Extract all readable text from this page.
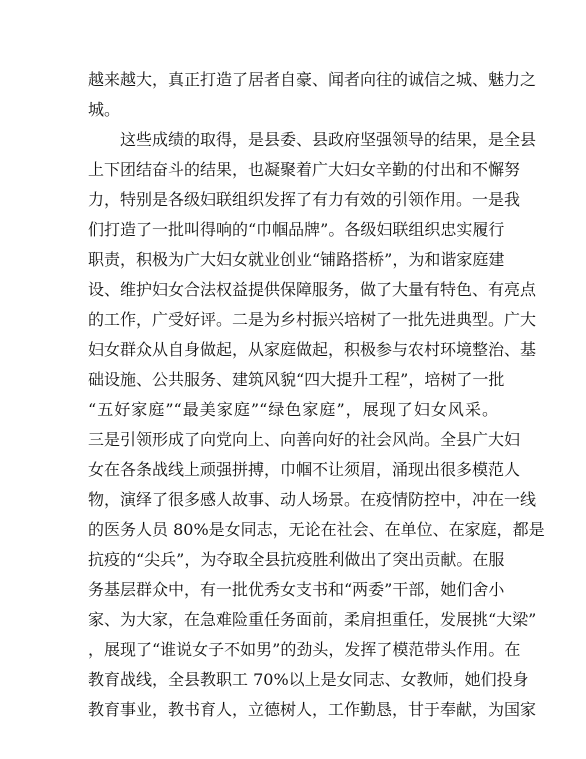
越来越大，真正打造了居者自豪、闻者向往的诚信之城、魅力之
城。
这些成绩的取得，是县委、县政府坚强领导的结果，是全县
上下团结奋斗的结果，也凝聚着广大妇女辛勤的付出和不懈努
力，特别是各级妇联组织发挥了有力有效的引领作用。一是我
们打造了一批叫得响的“巾帼品牌”。各级妇联组织忠实履行
职责，积极为广大妇女就业创业“铺路搭桥”，为和谐家庭建
设、维护妇女合法权益提供保障服务，做了大量有特色、有亮点
的工作，广受好评。二是为乡村振兴培树了一批先进典型。广大
妇女群众从自身做起，从家庭做起，积极参与农村环境整治、基
础设施、公共服务、建筑风貌“四大提升工程”，培树了一批
“五好家庭”“最美家庭”“绿色家庭”，展现了妇女风采。
三是引领形成了向党向上、向善向好的社会风尚。全县广大妇
女在各条战线上顽强拼搏，巾帼不让须眉，涌现出很多模范人
物，演绎了很多感人故事、动人场景。在疫情防控中，冲在一线
的医务人员 80%是女同志，无论在社会、在单位、在家庭，都是
抗疫的“尖兵”，为夺取全县抗疫胜利做出了突出贡献。在服
务基层群众中，有一批优秀女支书和“两委”干部，她们舍小
家、为大家，在急难险重任务面前，柔肩担重任，发展挑“大梁”
，展现了“谁说女子不如男”的劲头，发挥了模范带头作用。在
教育战线，全县教职工 70%以上是女同志、女教师，她们投身
教育事业，教书育人，立德树人，工作勤恳，甘于奉献，为国家
